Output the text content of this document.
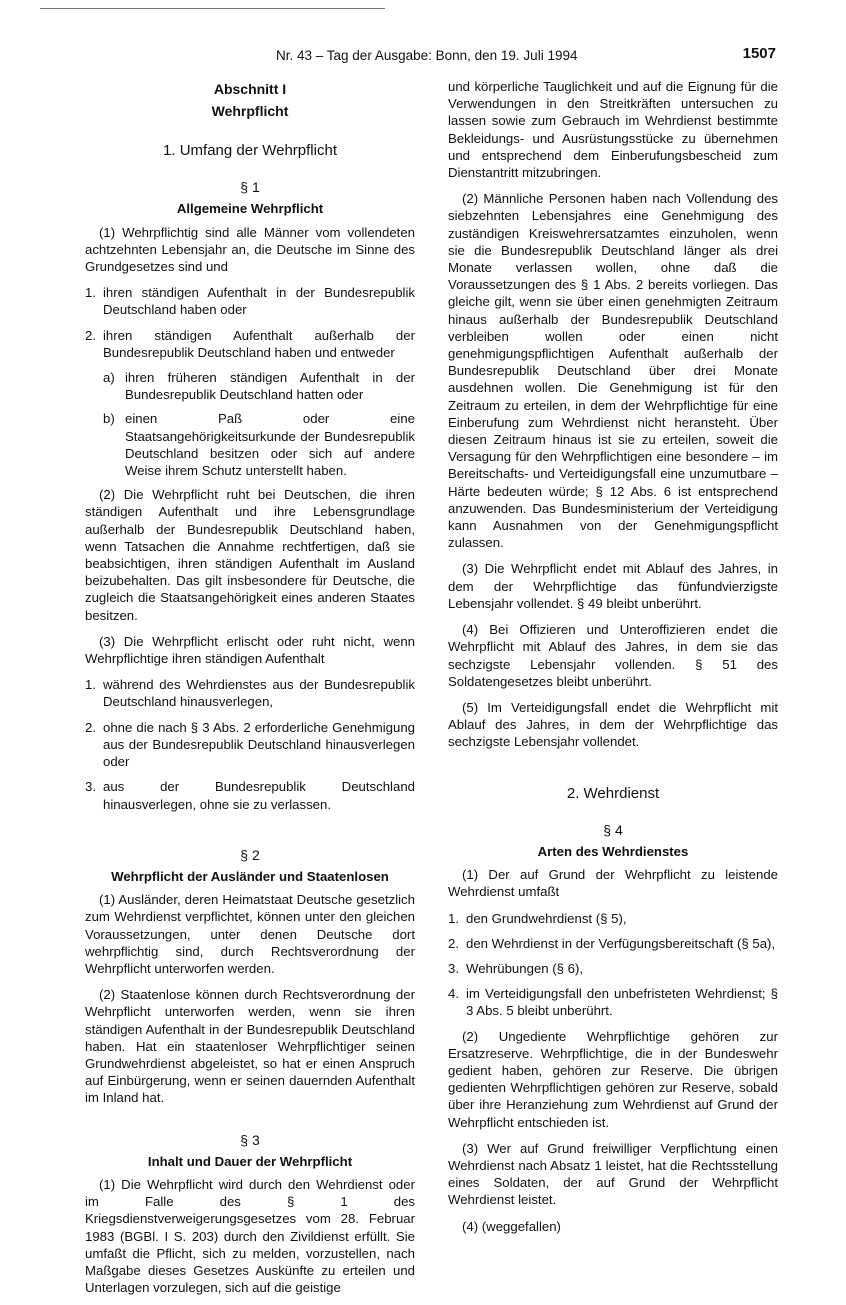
Nr. 43 – Tag der Ausgabe: Bonn, den 19. Juli 1994	1507
Abschnitt I
Wehrpflicht
1. Umfang der Wehrpflicht
§ 1
Allgemeine Wehrpflicht

(1) Wehrpflichtig sind alle Männer vom vollendeten achtzehnten Lebensjahr an, die Deutsche im Sinne des Grundgesetzes sind und

1. ihren ständigen Aufenthalt in der Bundesrepublik Deutschland haben oder
2. ihren ständigen Aufenthalt außerhalb der Bundesrepublik Deutschland haben und entweder
a) ihren früheren ständigen Aufenthalt in der Bundesrepublik Deutschland hatten oder
b) einen Paß oder eine Staatsangehörigkeitsurkunde der Bundesrepublik Deutschland besitzen oder sich auf andere Weise ihrem Schutz unterstellt haben.

(2) Die Wehrpflicht ruht bei Deutschen, die ihren ständigen Aufenthalt und ihre Lebensgrundlage außerhalb der Bundesrepublik Deutschland haben, wenn Tatsachen die Annahme rechtfertigen, daß sie beabsichtigen, ihren ständigen Aufenthalt im Ausland beizubehalten. Das gilt insbesondere für Deutsche, die zugleich die Staatsangehörigkeit eines anderen Staates besitzen.

(3) Die Wehrpflicht erlischt oder ruht nicht, wenn Wehrpflichtige ihren ständigen Aufenthalt

1. während des Wehrdienstes aus der Bundesrepublik Deutschland hinausverlegen,
2. ohne die nach § 3 Abs. 2 erforderliche Genehmigung aus der Bundesrepublik Deutschland hinausverlegen oder
3. aus der Bundesrepublik Deutschland hinausverlegen, ohne sie zu verlassen.
§ 2
Wehrpflicht der Ausländer und Staatenlosen

(1) Ausländer, deren Heimatstaat Deutsche gesetzlich zum Wehrdienst verpflichtet, können unter den gleichen Voraussetzungen, unter denen Deutsche dort wehrpflichtig sind, durch Rechtsverordnung der Wehrpflicht unterworfen werden.

(2) Staatenlose können durch Rechtsverordnung der Wehrpflicht unterworfen werden, wenn sie ihren ständigen Aufenthalt in der Bundesrepublik Deutschland haben. Hat ein staatenloser Wehrpflichtiger seinen Grundwehrdienst abgeleistet, so hat er einen Anspruch auf Einbürgerung, wenn er seinen dauernden Aufenthalt im Inland hat.

§ 3
Inhalt und Dauer der Wehrpflicht

(1) Die Wehrpflicht wird durch den Wehrdienst oder im Falle des § 1 des Kriegsdienstverweigerungsgesetzes vom 28. Februar 1983 (BGBl. I S. 203) durch den Zivildienst erfüllt. Sie umfaßt die Pflicht, sich zu melden, vorzustellen, nach Maßgabe dieses Gesetzes Auskünfte zu erteilen und Unterlagen vorzulegen, sich auf die geistige

und körperliche Tauglichkeit und auf die Eignung für die Verwendungen in den Streitkräften untersuchen zu lassen sowie zum Gebrauch im Wehrdienst bestimmte Bekleidungs- und Ausrüstungsstücke zu übernehmen und entsprechend dem Einberufungsbescheid zum Dienstantritt mitzubringen.

(2) Männliche Personen haben nach Vollendung des siebzehnten Lebensjahres eine Genehmigung des zuständigen Kreiswehrersatzamtes einzuholen, wenn sie die Bundesrepublik Deutschland länger als drei Monate verlassen wollen, ohne daß die Voraussetzungen des § 1 Abs. 2 bereits vorliegen. Das gleiche gilt, wenn sie über einen genehmigten Zeitraum hinaus außerhalb der Bundesrepublik Deutschland verbleiben wollen oder einen nicht genehmigungspflichtigen Aufenthalt außerhalb der Bundesrepublik Deutschland über drei Monate ausdehnen wollen. Die Genehmigung ist für den Zeitraum zu erteilen, in dem der Wehrpflichtige für eine Einberufung zum Wehrdienst nicht heransteht. Über diesen Zeitraum hinaus ist sie zu erteilen, soweit die Versagung für den Wehrpflichtigen eine besondere – im Bereitschafts- und Verteidigungsfall eine unzumutbare – Härte bedeuten würde; § 12 Abs. 6 ist entsprechend anzuwenden. Das Bundesministerium der Verteidigung kann Ausnahmen von der Genehmigungspflicht zulassen.

(3) Die Wehrpflicht endet mit Ablauf des Jahres, in dem der Wehrpflichtige das fünfundvierzigste Lebensjahr vollendet. § 49 bleibt unberührt.

(4) Bei Offizieren und Unteroffizieren endet die Wehrpflicht mit Ablauf des Jahres, in dem sie das sechzigste Lebensjahr vollenden. § 51 des Soldatengesetzes bleibt unberührt.

(5) Im Verteidigungsfall endet die Wehrpflicht mit Ablauf des Jahres, in dem der Wehrpflichtige das sechzigste Lebensjahr vollendet.

2. Wehrdienst
§ 4
Arten des Wehrdienstes

(1) Der auf Grund der Wehrpflicht zu leistende Wehrdienst umfaßt

1. den Grundwehrdienst (§ 5),
2. den Wehrdienst in der Verfügungsbereitschaft (§ 5a),
3. Wehrübungen (§ 6),
4. im Verteidigungsfall den unbefristeten Wehrdienst; § 3 Abs. 5 bleibt unberührt.

(2) Ungediente Wehrpflichtige gehören zur Ersatzreserve. Wehrpflichtige, die in der Bundeswehr gedient haben, gehören zur Reserve. Die übrigen gedienten Wehrpflichtigen gehören zur Reserve, sobald über ihre Heranziehung zum Wehrdienst auf Grund der Wehrpflicht entschieden ist.

(3) Wer auf Grund freiwilliger Verpflichtung einen Wehrdienst nach Absatz 1 leistet, hat die Rechtsstellung eines Soldaten, der auf Grund der Wehrpflicht Wehrdienst leistet.

(4) (weggefallen)
